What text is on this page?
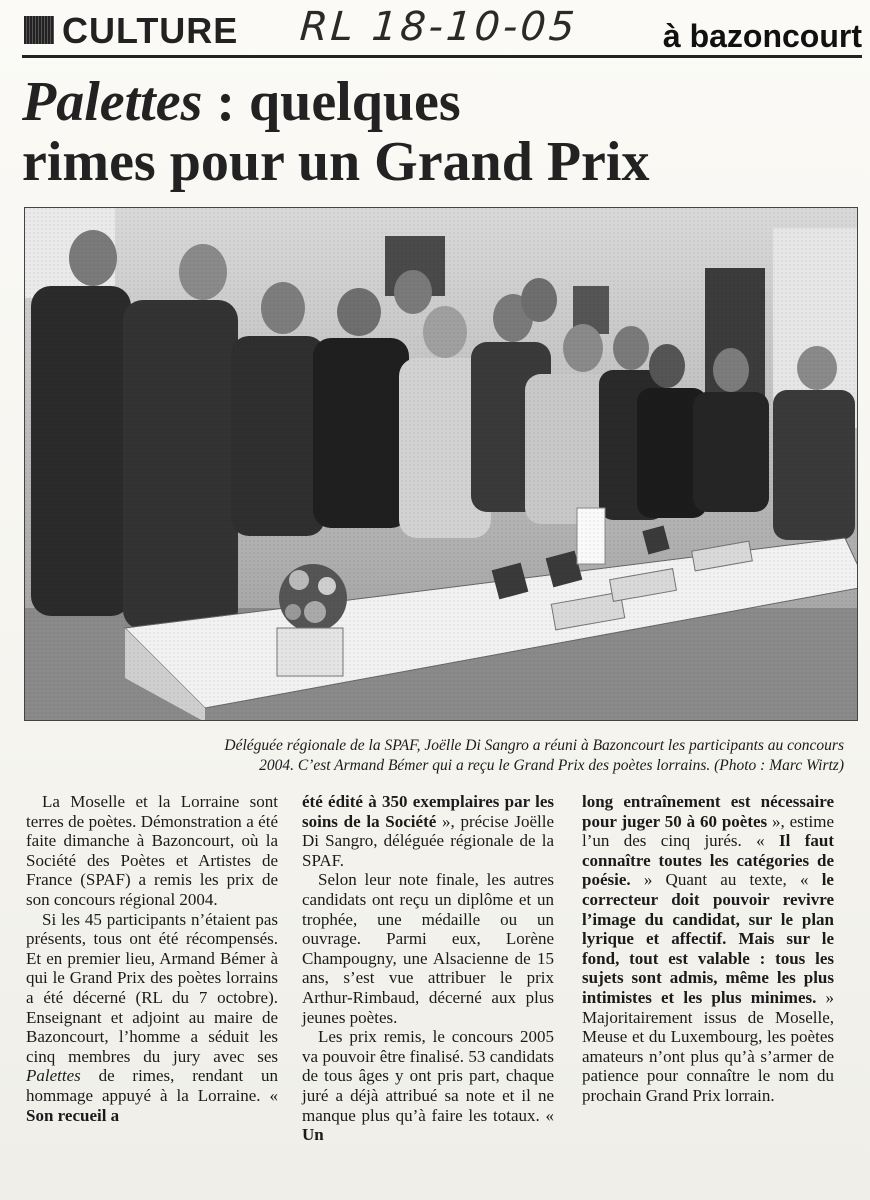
CULTURE RL 18-10-05	à bazoncourt
Palettes : quelques
rimes pour un Grand Prix
Déléguée régionale de la SPAF, Joëlle Di Sangro a réuni à Bazoncourt les participants au concours
2004. C’est Armand Bémer qui a reçu le Grand Prix des poètes lorrains. (Photo : Marc Wirtz)

La Moselle et la Lorraine sont terres de poètes. Démonstration a été faite dimanche à Bazoncourt, où la Société des Poètes et Artistes de France (SPAF) a remis les prix de son concours régional 2004.

Si les 45 participants n’étaient pas présents, tous ont été récompensés. Et en premier lieu, Armand Bémer à qui le Grand Prix des poètes lorrains a été décerné (RL du 7 octobre). Enseignant et adjoint au maire de Bazonc‍ourt, l’homme a séduit les cinq membres du jury avec ses Palettes de rimes, rendant un hommage appuyé à la Lorraine. « Son recueil a

été édité à 350 exemplaires par les soins de la Société », précise Joëlle Di Sangro, déléguée régionale de la SPAF.

Selon leur note finale, les autres candidats ont reçu un diplôme et un trophée, une médaille ou un ouvrage. Parmi eux, Lorène Champougny, une Alsacienne de 15 ans, s’est vue attribuer le prix Arthur-Rimbaud, décerné aux plus jeunes poètes.

Les prix remis, le concours 2005 va pouvoir être finalisé. 53 candidats de tous âges y ont pris part, chaque juré a déjà attribué sa note et il ne manque plus qu’à faire les totaux. « Un

long entraînement est nécessaire pour juger 50 à 60 poètes », estime l’un des cinq jurés. « Il faut connaître toutes les catégories de poésie. » Quant au texte, « le correcteur doit pouvoir revivre l’image du candidat, sur le plan lyrique et affectif. Mais sur le fond, tout est valable : tous les sujets sont admis, même les plus intimistes et les plus minimes. » Majoritairement issus de Moselle, Meuse et du Luxembourg, les poètes amateurs n’ont plus qu’à s’armer de patience pour connaître le nom du prochain Grand Prix lorrain.
